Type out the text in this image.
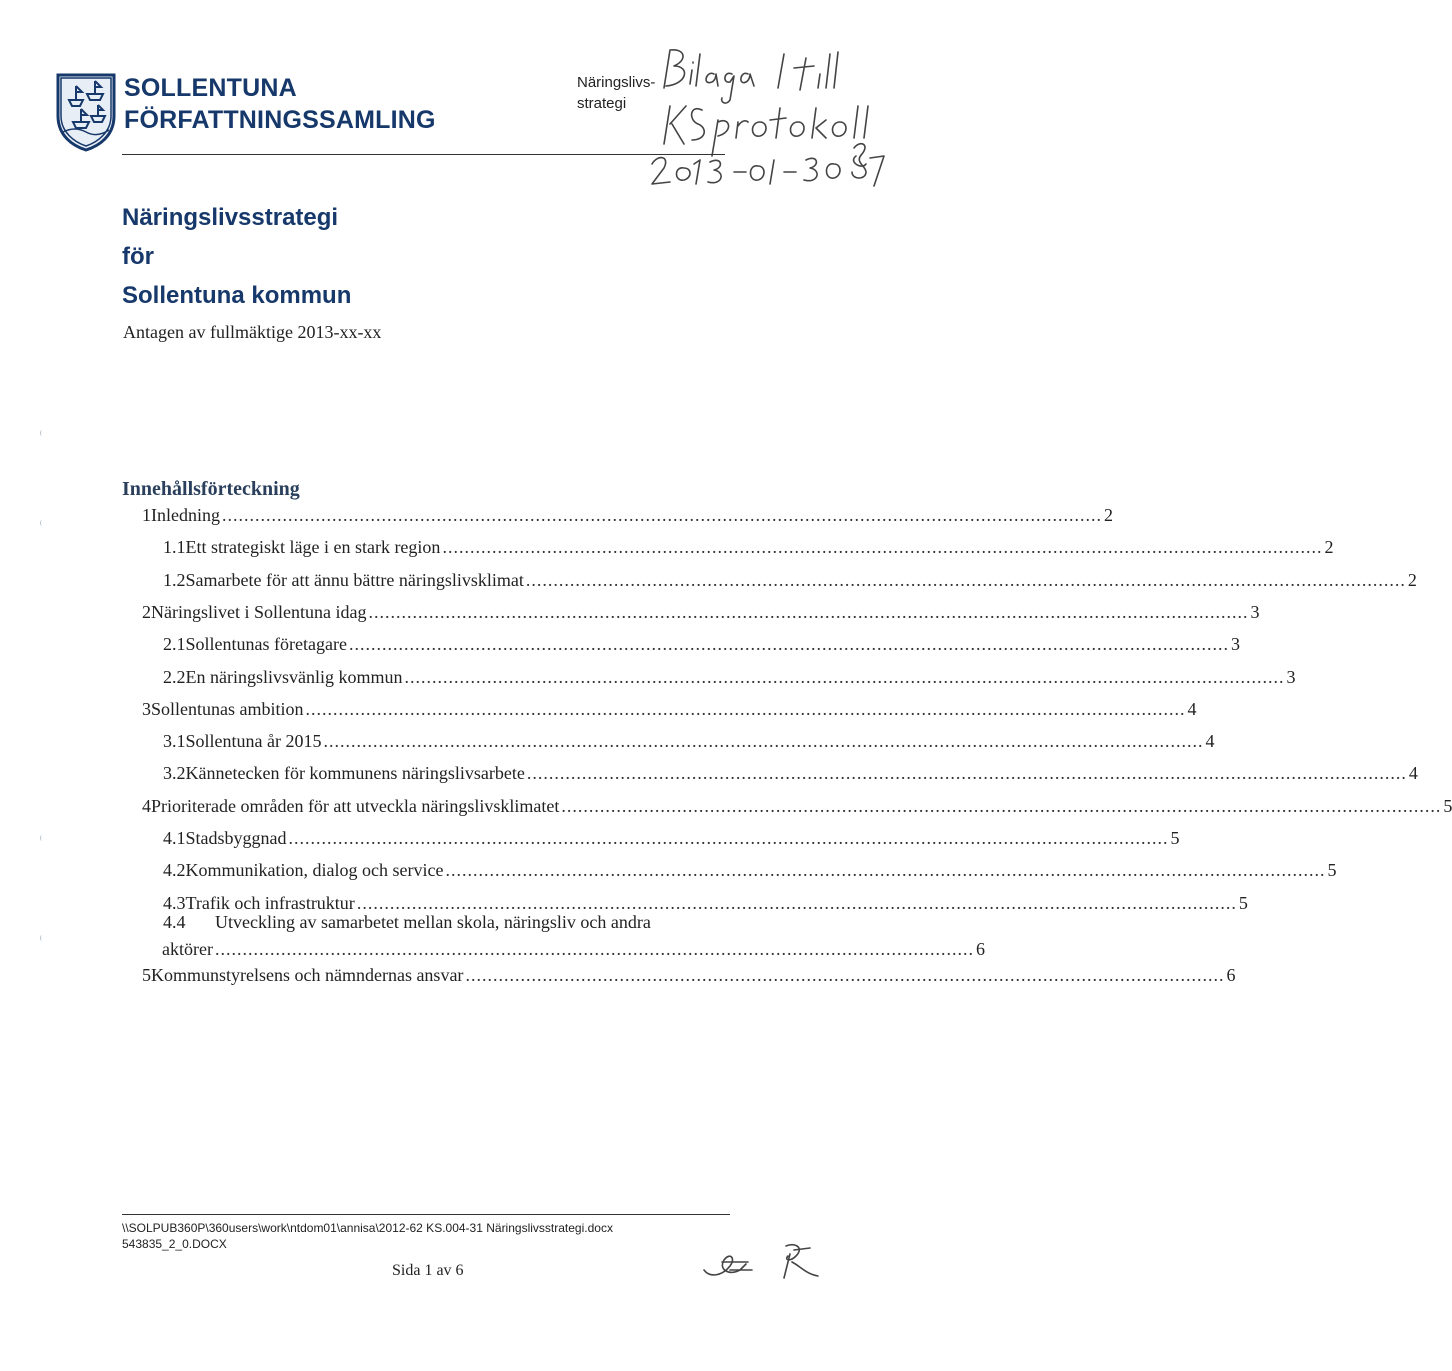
SOLLENTUNA
FÖRFATTNINGSSAMLING
Näringslivs-
strategi
Näringslivsstrategi
för
Sollentuna kommun
Antagen av fullmäktige 2013-xx-xx
Innehållsförteckning
1 Inledning ................................................................................................................................................................ 2
1.1 Ett strategiskt läge i en stark region ................................................................................................................................................................ 2
1.2 Samarbete för att ännu bättre näringslivsklimat ................................................................................................................................................................ 2
2 Näringslivet i Sollentuna idag ................................................................................................................................................................ 3
2.1 Sollentunas företagare ................................................................................................................................................................ 3
2.2 En näringslivsvänlig kommun ................................................................................................................................................................ 3
3 Sollentunas ambition ................................................................................................................................................................ 4
3.1 Sollentuna år 2015 ................................................................................................................................................................ 4
3.2 Kännetecken för kommunens näringslivsarbete ................................................................................................................................................................ 4
4 Prioriterade områden för att utveckla näringslivsklimatet ................................................................................................................................................................ 5
4.1 Stadsbyggnad ................................................................................................................................................................ 5
4.2 Kommunikation, dialog och service ................................................................................................................................................................ 5
4.3 Trafik och infrastruktur ................................................................................................................................................................ 5
4.4	Utveckling av samarbetet mellan skola, näringsliv och andra
aktörer .......................................................................................................................................... 6
5 Kommunstyrelsens och nämndernas ansvar .......................................................................................................................................... 6
\\SOLPUB360P\360users\work\ntdom01\annisa\2012-62 KS.004-31 Näringslivsstrategi.docx
543835_2_0.DOCX
Sida 1 av 6
